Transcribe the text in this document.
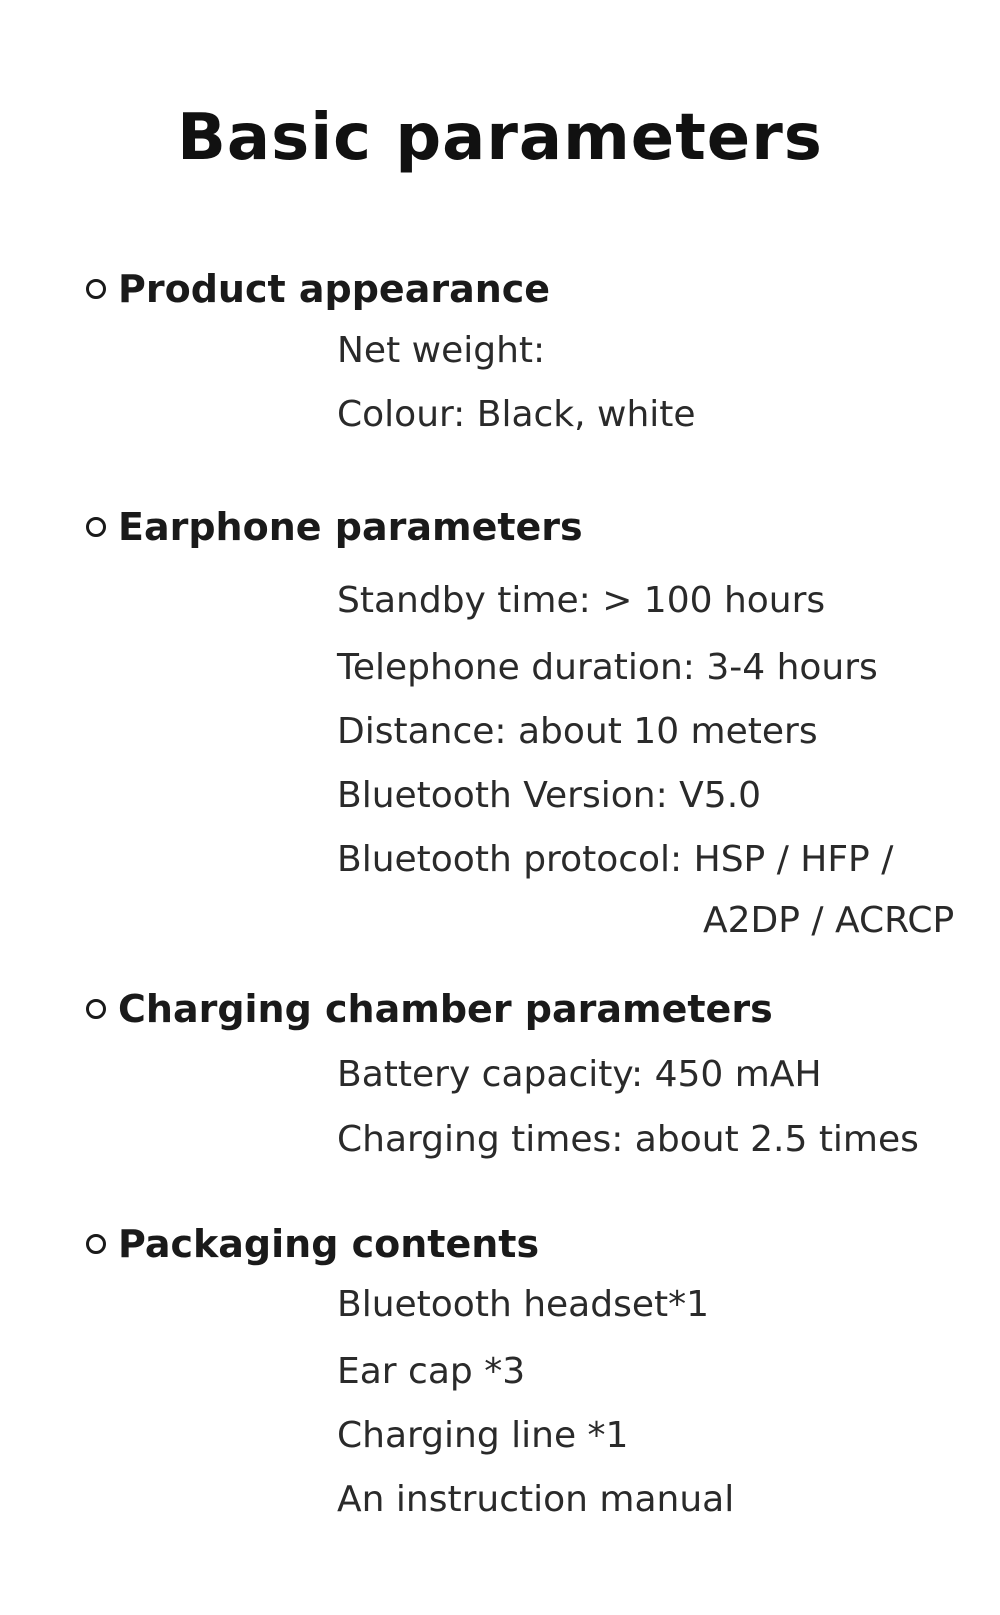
Basic parameters
Product appearance

Net weight:

Colour: Black, white

Earphone parameters

Standby time: > 100 hours

Telephone duration: 3-4 hours

Distance: about 10 meters

Bluetooth Version: V5.0

Bluetooth protocol: HSP / HFP /

A2DP / ACRCP

Charging chamber parameters

Battery capacity: 450 mAH

Charging times: about 2.5 times

Packaging contents

Bluetooth headset*1

Ear cap *3

Charging line *1

An instruction manual
